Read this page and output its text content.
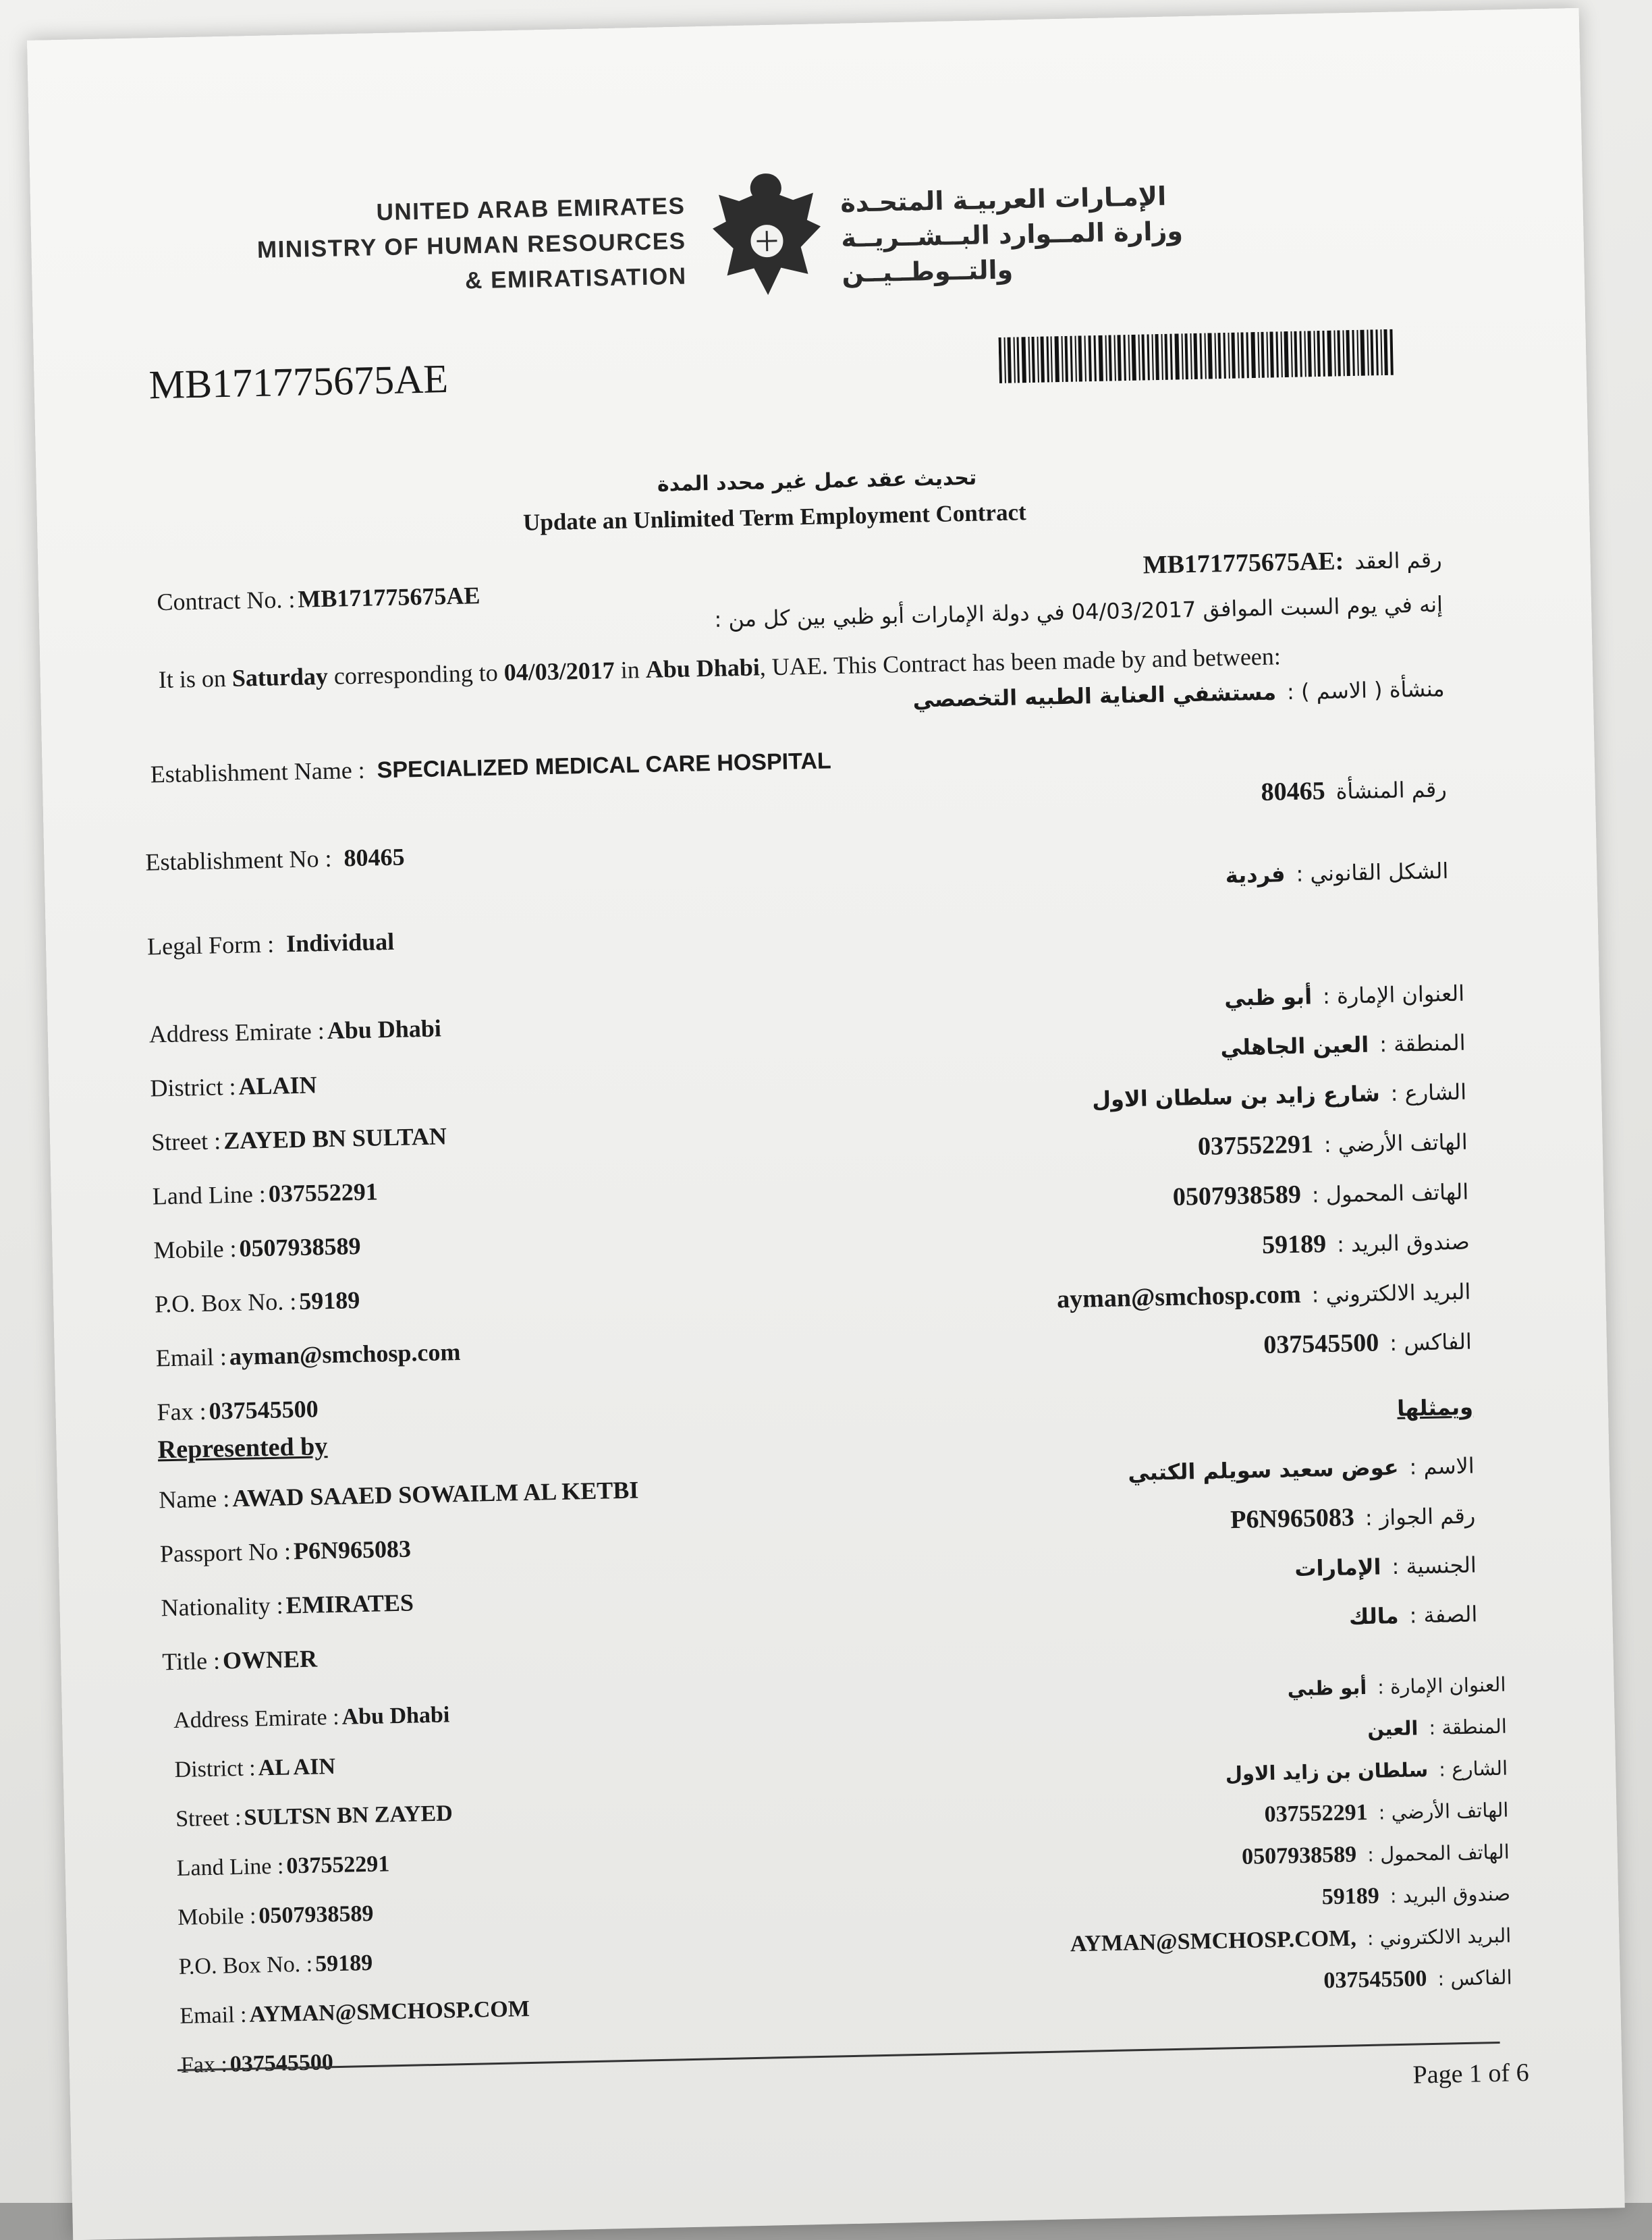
UNITED ARAB EMIRATES
MINISTRY OF HUMAN RESOURCES
& EMIRATISATION
الإمـارات العربيـة المتحـدة
وزارة المــوارد البــشــريــة
والتــوطــيــن
MB171775675AE
تحديث عقد عمل غير محدد المدة
Update an Unlimited Term Employment Contract
Contract No. : MB171775675AE
رقم العقد
MB171775675AE:
إنه في يوم السبت الموافق 04/03/2017 في دولة الإمارات أبو ظبي بين كل من :
It is on Saturday corresponding to 04/03/2017 in Abu Dhabi, UAE. This Contract has been made by and between:
منشأة ( الاسم ) :
مستشفي العناية الطبيه التخصصي
Establishment Name : SPECIALIZED MEDICAL CARE HOSPITAL
رقم المنشأة
80465
Establishment No : 80465
الشكل القانوني :
فردية
Legal Form : Individual
Address Emirate : Abu Dhabi
District : ALAIN
Street : ZAYED BN SULTAN
Land Line : 037552291
Mobile : 0507938589
P.O. Box No. : 59189
Email : ayman@smchosp.com
Fax : 037545500
العنوان الإمارة :
أبو ظبي
المنطقة :
العين الجاهلي
الشارع :
شارع زايد بن سلطان الاول
الهاتف الأرضي :
037552291
الهاتف المحمول :
0507938589
صندوق البريد :
59189
البريد الالكتروني :
ayman@smchosp.com
الفاكس :
037545500
Represented by
ويمثلها
Name : AWAD SAAED SOWAILM AL KETBI
Passport No : P6N965083
Nationality : EMIRATES
Title : OWNER
الاسم :
عوض سعيد سويلم الكتبي
رقم الجواز :
P6N965083
الجنسية :
الإمارات
الصفة :
مالك
Address Emirate : Abu Dhabi
District : AL AIN
Street : SULTSN BN ZAYED
Land Line : 037552291
Mobile : 0507938589
P.O. Box No. : 59189
Email : AYMAN@SMCHOSP.COM
Fax : 037545500
العنوان الإمارة :
أبو ظبي
المنطقة :
العين
الشارع :
سلطان بن زايد الاول
الهاتف الأرضي :
037552291
الهاتف المحمول :
0507938589
صندوق البريد :
59189
البريد الالكتروني :
AYMAN@SMCHOSP.COM,
الفاكس :
037545500
Page 1 of 6
